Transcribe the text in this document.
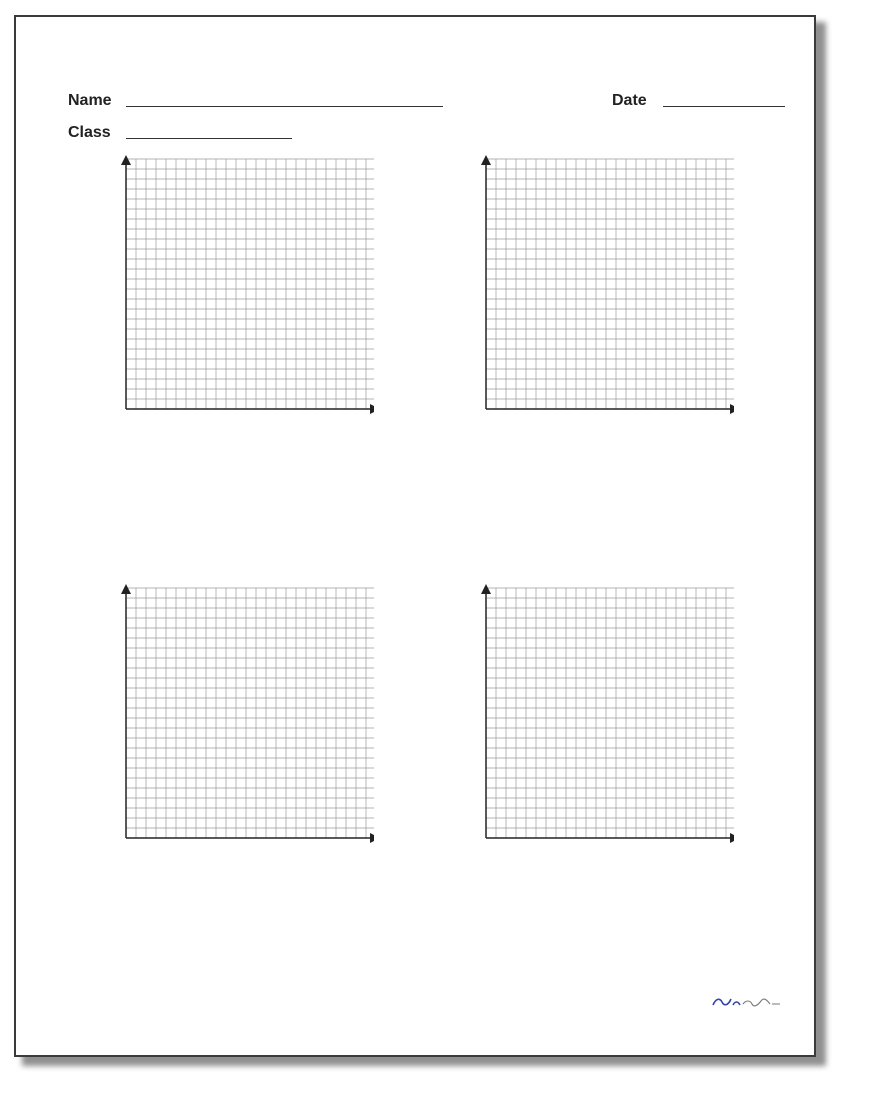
Name	Date
Class
